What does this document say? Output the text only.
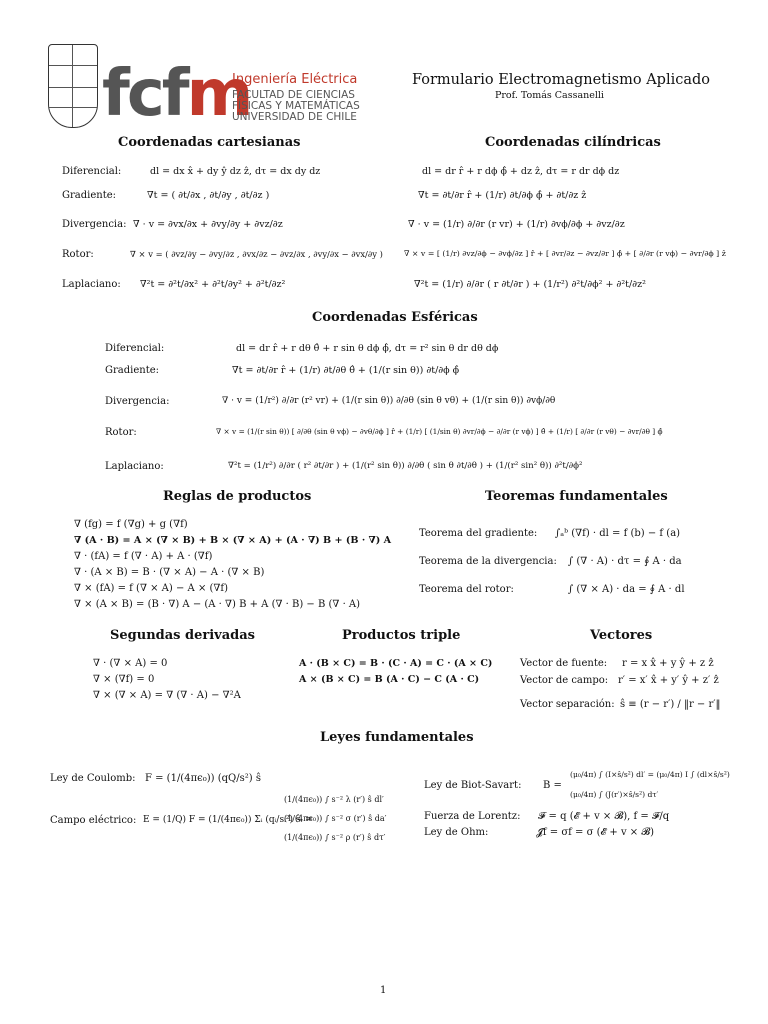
fcfm
Ingeniería Eléctrica
FACULTAD DE CIENCIAS FÍSICAS Y MATEMÁTICAS UNIVERSIDAD DE CHILE
Formulario Electromagnetismo Aplicado
Prof. Tomás Cassanelli
Coordenadas cartesianas
Diferencial:	dl = dx x̂ + dy ŷ dz ẑ, dτ = dx dy dz
Gradiente:	∇t = ( ∂t/∂x , ∂t/∂y , ∂t/∂z )
Divergencia: ∇ · v = ∂vx/∂x + ∂vy/∂y + ∂vz/∂z
Rotor:	∇ × v = ( ∂vz/∂y − ∂vy/∂z , ∂vx/∂z − ∂vz/∂x , ∂vy/∂x − ∂vx/∂y )
Laplaciano: ∇²t = ∂²t/∂x² + ∂²t/∂y² + ∂²t/∂z²
Coordenadas cilíndricas
dl = dr r̂ + r dϕ ϕ̂ + dz ẑ, dτ = r dr dϕ dz
∇t = ∂t/∂r r̂ + (1/r) ∂t/∂ϕ ϕ̂ + ∂t/∂z ẑ
∇ · v = (1/r) ∂/∂r (r vr) + (1/r) ∂vϕ/∂ϕ + ∂vz/∂z
∇ × v = [ (1/r) ∂vz/∂ϕ − ∂vϕ/∂z ] r̂ + [ ∂vr/∂z − ∂vz/∂r ] ϕ̂ + [ ∂/∂r (r vϕ) − ∂vr/∂ϕ ] ẑ
∇²t = (1/r) ∂/∂r ( r ∂t/∂r ) + (1/r²) ∂²t/∂ϕ² + ∂²t/∂z²
Coordenadas Esféricas
Diferencial:	dl = dr r̂ + r dθ θ̂ + r sin θ dϕ ϕ̂, dτ = r² sin θ dr dθ dϕ
Gradiente:	∇t = ∂t/∂r r̂ + (1/r) ∂t/∂θ θ̂ + (1/(r sin θ)) ∂t/∂ϕ ϕ̂
Divergencia:	∇ · v = (1/r²) ∂/∂r (r² vr) + (1/(r sin θ)) ∂/∂θ (sin θ vθ) + (1/(r sin θ)) ∂vϕ/∂θ
Rotor:	∇ × v = (1/(r sin θ)) [ ∂/∂θ (sin θ vϕ) − ∂vθ/∂ϕ ] r̂ + (1/r) [ (1/sin θ) ∂vr/∂ϕ − ∂/∂r (r vϕ) ] θ̂ + (1/r) [ ∂/∂r (r vθ) − ∂vr/∂θ ] ϕ̂
Laplaciano:	∇²t = (1/r²) ∂/∂r ( r² ∂t/∂r ) + (1/(r² sin θ)) ∂/∂θ ( sin θ ∂t/∂θ ) + (1/(r² sin² θ)) ∂²t/∂ϕ²
Reglas de productos
∇ (fg) = f (∇g) + g (∇f)
∇ (A · B) = A × (∇ × B) + B × (∇ × A) + (A · ∇) B + (B · ∇) A
∇ · (fA) = f (∇ · A) + A · (∇f)
∇ · (A × B) = B · (∇ × A) − A · (∇ × B)
∇ × (fA) = f (∇ × A) − A × (∇f)
∇ × (A × B) = (B · ∇) A − (A · ∇) B + A (∇ · B) − B (∇ · A)
Teoremas fundamentales
Teorema del gradiente: ∫ₐᵇ (∇f) · dl = f (b) − f (a)
Teorema de la divergencia: ∫ (∇ · A) · dτ = ∮ A · da
Teorema del rotor:	∫ (∇ × A) · da = ∮ A · dl
Segundas derivadas
∇ · (∇ × A) = 0
∇ × (∇f) = 0
∇ × (∇ × A) = ∇ (∇ · A) − ∇²A
Productos triple
A · (B × C) = B · (C · A) = C · (A × C)
A × (B × C) = B (A · C) − C (A · C)
Vectores
Vector de fuente: r = x x̂ + y ŷ + z ẑ
Vector de campo: r′ = x′ x̂ + y′ ŷ + z′ ẑ
Vector separación: ŝ ≡ (r − r′) / ‖r − r′‖
Leyes fundamentales
Ley de Coulomb: F = (1/(4πϵ₀)) (qQ/s²) ŝ
Campo eléctrico: E = (1/Q) F = (1/(4πϵ₀)) Σᵢ (qᵢ/sᵢ²) ŝᵢ =
(1/(4πϵ₀)) ∫ s⁻² λ (r′) ŝ dl′
(1/(4πϵ₀)) ∫ s⁻² σ (r′) ŝ da′
(1/(4πϵ₀)) ∫ s⁻² ρ (r′) ŝ dτ′
Ley de Biot-Savart: B =
(μ₀/4π) ∫ (I×ŝ/s²) dl′ = (μ₀/4π) I ∫ (dl×ŝ/s²)
(μ₀/4π) ∫ (J(r′)×ŝ/s²) dτ′
Fuerza de Lorentz: 𝓕 = q (𝓔 + v × 𝓑), f = 𝓕/q
Ley de Ohm:	𝓙f = σf = σ (𝓔 + v × 𝓑)
1
